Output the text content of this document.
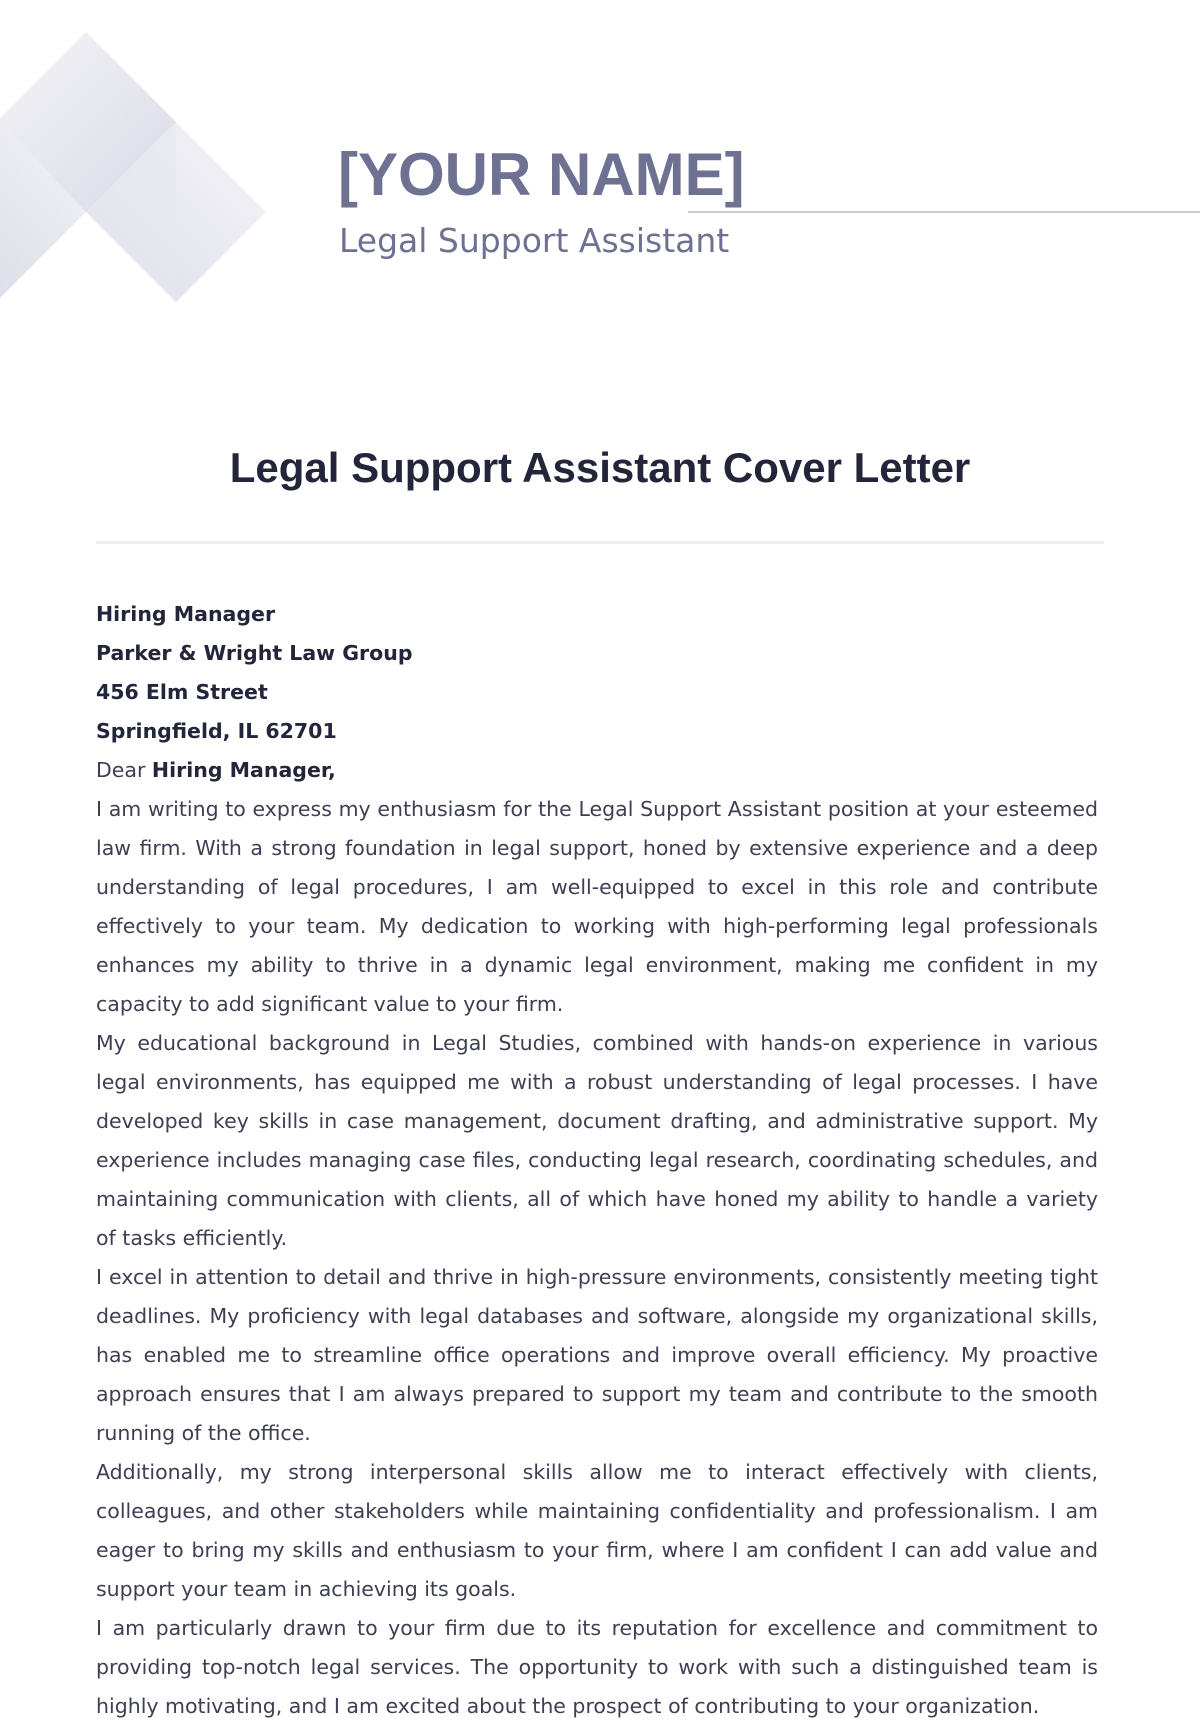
[YOUR NAME]
Legal Support Assistant
Legal Support Assistant Cover Letter
Hiring Manager
Parker & Wright Law Group
456 Elm Street
Springfield, IL 62701
Dear Hiring Manager,

I am writing to express my enthusiasm for the Legal Support Assistant position at your esteemed law firm. With a strong foundation in legal support, honed by extensive experience and a deep understanding of legal procedures, I am well-equipped to excel in this role and contribute effectively to your team. My dedication to working with high-performing legal professionals enhances my ability to thrive in a dynamic legal environment, making me confident in my capacity to add significant value to your firm.

My educational background in Legal Studies, combined with hands-on experience in various legal environments, has equipped me with a robust understanding of legal processes. I have developed key skills in case management, document drafting, and administrative support. My experience includes managing case files, conducting legal research, coordinating schedules, and maintaining communication with clients, all of which have honed my ability to handle a variety of tasks efficiently.

I excel in attention to detail and thrive in high-pressure environments, consistently meeting tight deadlines. My proficiency with legal databases and software, alongside my organizational skills, has enabled me to streamline office operations and improve overall efficiency. My proactive approach ensures that I am always prepared to support my team and contribute to the smooth running of the office.

Additionally, my strong interpersonal skills allow me to interact effectively with clients, colleagues, and other stakeholders while maintaining confidentiality and professionalism. I am eager to bring my skills and enthusiasm to your firm, where I am confident I can add value and support your team in achieving its goals.

I am particularly drawn to your firm due to its reputation for excellence and commitment to providing top-notch legal services. The opportunity to work with such a distinguished team is highly motivating, and I am excited about the prospect of contributing to your organization.
